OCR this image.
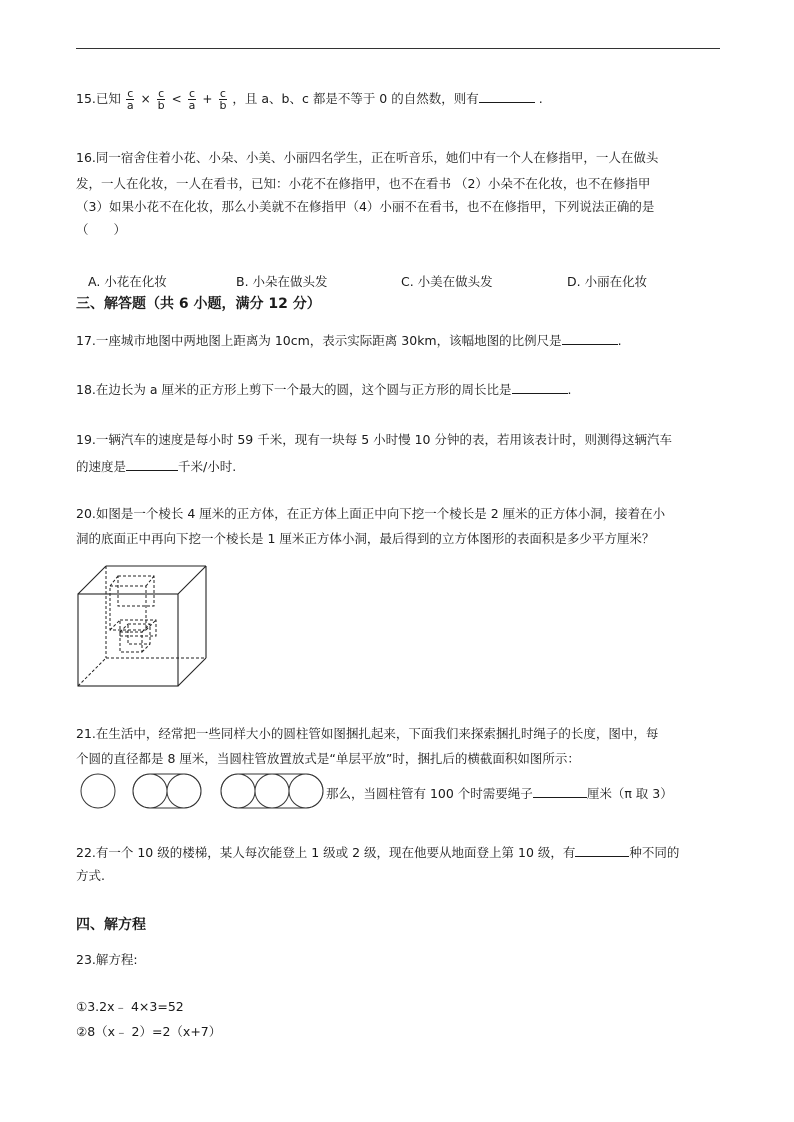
15.已知 $\frac{c}{a} \times \frac{c}{b} < \frac{c}{a} + \frac{c}{b}$ ，且 a、b、c 都是不等于 0 的自然数，则有	.
16.同一宿舍住着小花、小朵、小美、小丽四名学生，正在听音乐，她们中有一个人在修指甲，一人在做头
发，一人在化妆，一人在看书，已知：小花不在修指甲，也不在看书 （2）小朵不在化妆，也不在修指甲
（3）如果小花不在化妆，那么小美就不在修指甲（4）小丽不在看书，也不在修指甲，下列说法正确的是
（　　）
A. 小花在化妆	B. 小朵在做头发	C. 小美在做头发	D. 小丽在化妆
三、解答题（共 6 小题，满分 12 分）
17.一座城市地图中两地图上距离为 10cm，表示实际距离 30km，该幅地图的比例尺是	.
18.在边长为 a 厘米的正方形上剪下一个最大的圆，这个圆与正方形的周长比是	.
19.一辆汽车的速度是每小时 59 千米，现有一块每 5 小时慢 10 分钟的表，若用该表计时，则测得这辆汽车
的速度是	千米/小时.
20.如图是一个棱长 4 厘米的正方体，在正方体上面正中向下挖一个棱长是 2 厘米的正方体小洞，接着在小
洞的底面正中再向下挖一个棱长是 1 厘米正方体小洞，最后得到的立方体图形的表面积是多少平方厘米？
21.在生活中，经常把一些同样大小的圆柱管如图捆扎起来，下面我们来探索捆扎时绳子的长度，图中，每
个圆的直径都是 8 厘米，当圆柱管放置放式是“单层平放”时，捆扎后的横截面积如图所示：
那么，当圆柱管有 100 个时需要绳子	厘米（π 取 3）
22.有一个 10 级的楼梯，某人每次能登上 1 级或 2 级，现在他要从地面登上第 10 级，有	种不同的
方式.
四、解方程
23.解方程:
①3.2x﹣ 4×3=52
②8（x﹣ 2）=2（x+7）
